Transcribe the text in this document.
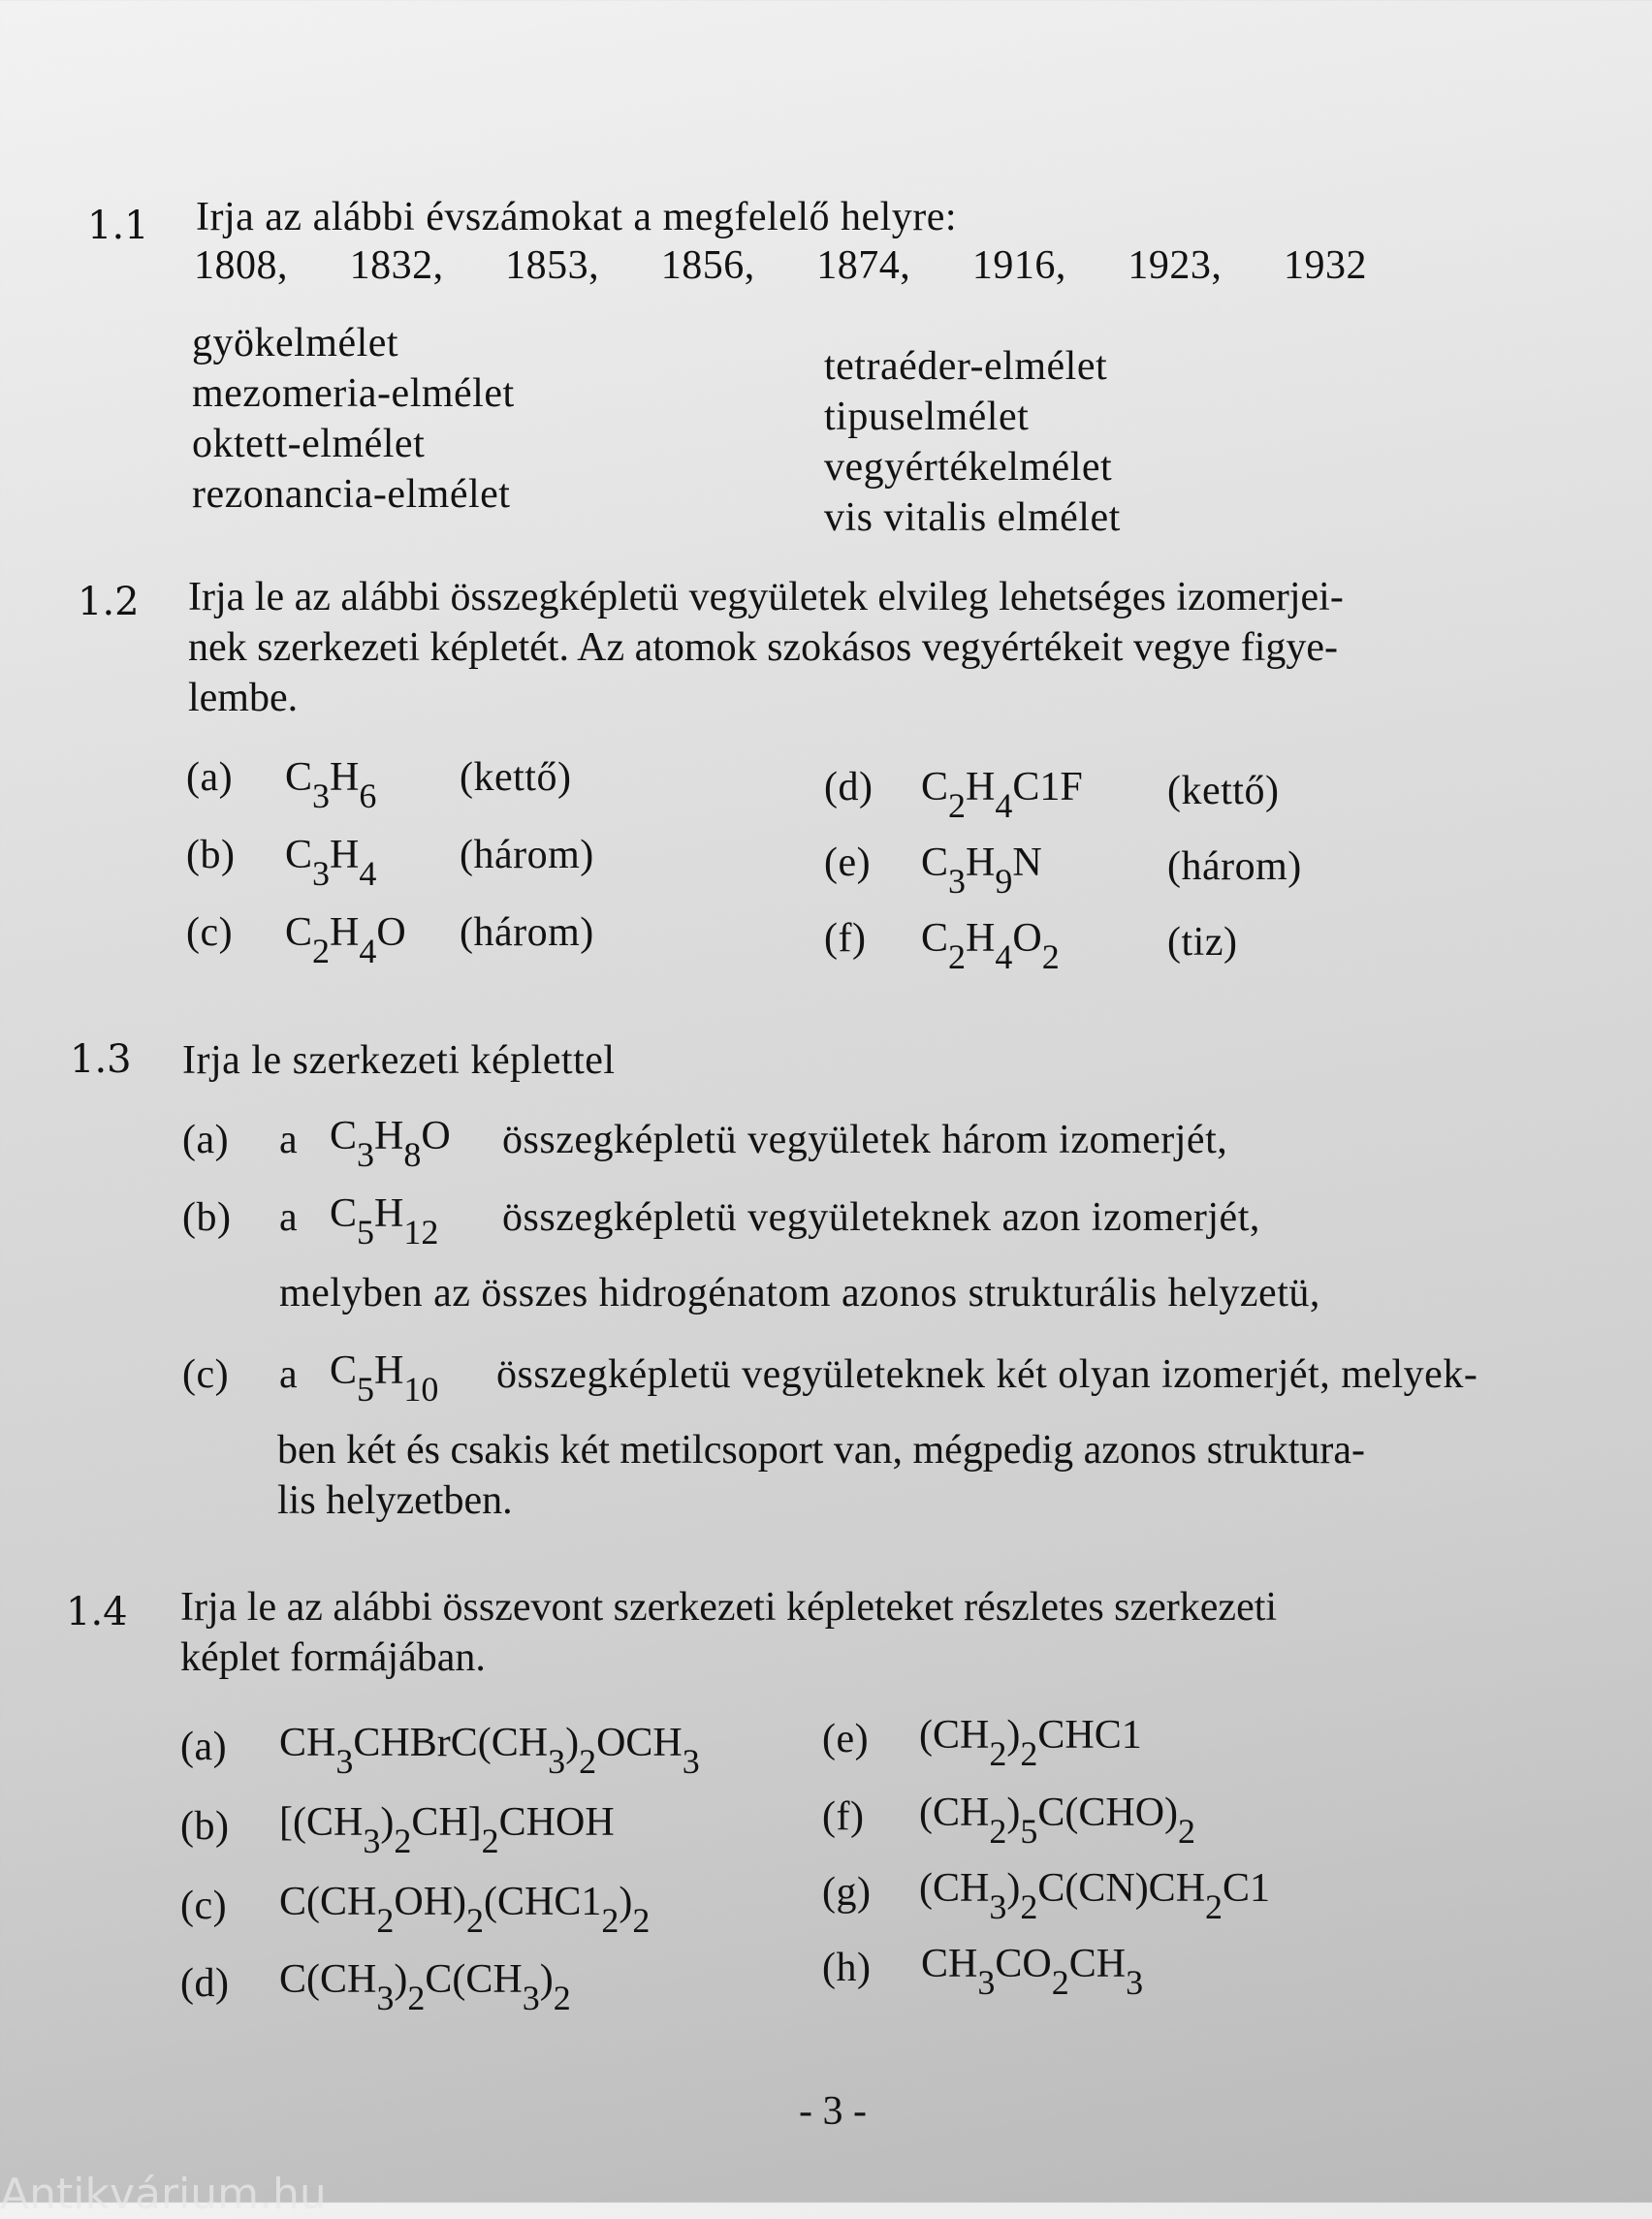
1.1 Irja az alábbi évszámokat a megfelelő helyre:
1808, 1832, 1853, 1856, 1874, 1916, 1923, 1932
gyökelmélet
mezomeria-elmélet
oktett-elmélet
rezonancia-elmélet
tetraéder-elmélet
tipuselmélet
vegyértékelmélet
vis vitalis elmélet
1.2 Irja le az alábbi összegképletü vegyületek elvileg lehetséges izomerjei-
nek szerkezeti képletét. Az atomok szokásos vegyértékeit vegye figye-
lembe.
(a) $C_3H_6$ (kettő)
(b) $C_3H_4$ (három)
(c) $C_2H_4O$ (három)
(d) $C_2H_4C1F$ (kettő)
(e) $C_3H_9N$	(három)
(f) $C_2H_4O_2$	(tiz)
1.3 Irja le szerkezeti képlettel
(a) a $C_3H_8O$ összegképletü vegyületek három izomerjét,
(b) a $C_5H_{12}$ összegképletü vegyületeknek azon izomerjét,
melyben az összes hidrogénatom azonos strukturális helyzetü,
(c) a $C_5H_{10}$ összegképletü vegyületeknek két olyan izomerjét, melyek-
ben két és csakis két metilcsoport van, mégpedig azonos struktura-
lis helyzetben.
1.4 Irja le az alábbi összevont szerkezeti képleteket részletes szerkezeti
képlet formájában.
(a) $CH_3CHBrC(CH_3)_2OCH_3$
(b) $[(CH_3)_2CH]_2CHOH$
(c) $C(CH_2OH)_2(CHC1_2)_2$
(d) $C(CH_3)_2C(CH_3)_2$
(e) $(CH_2)_2CHC1$
(f) $(CH_2)_5C(CHO)_2$
(g) $(CH_3)_2C(CN)CH_2C1$
(h) $CH_3CO_2CH_3$
- 3 -
Antikvárium.hu
